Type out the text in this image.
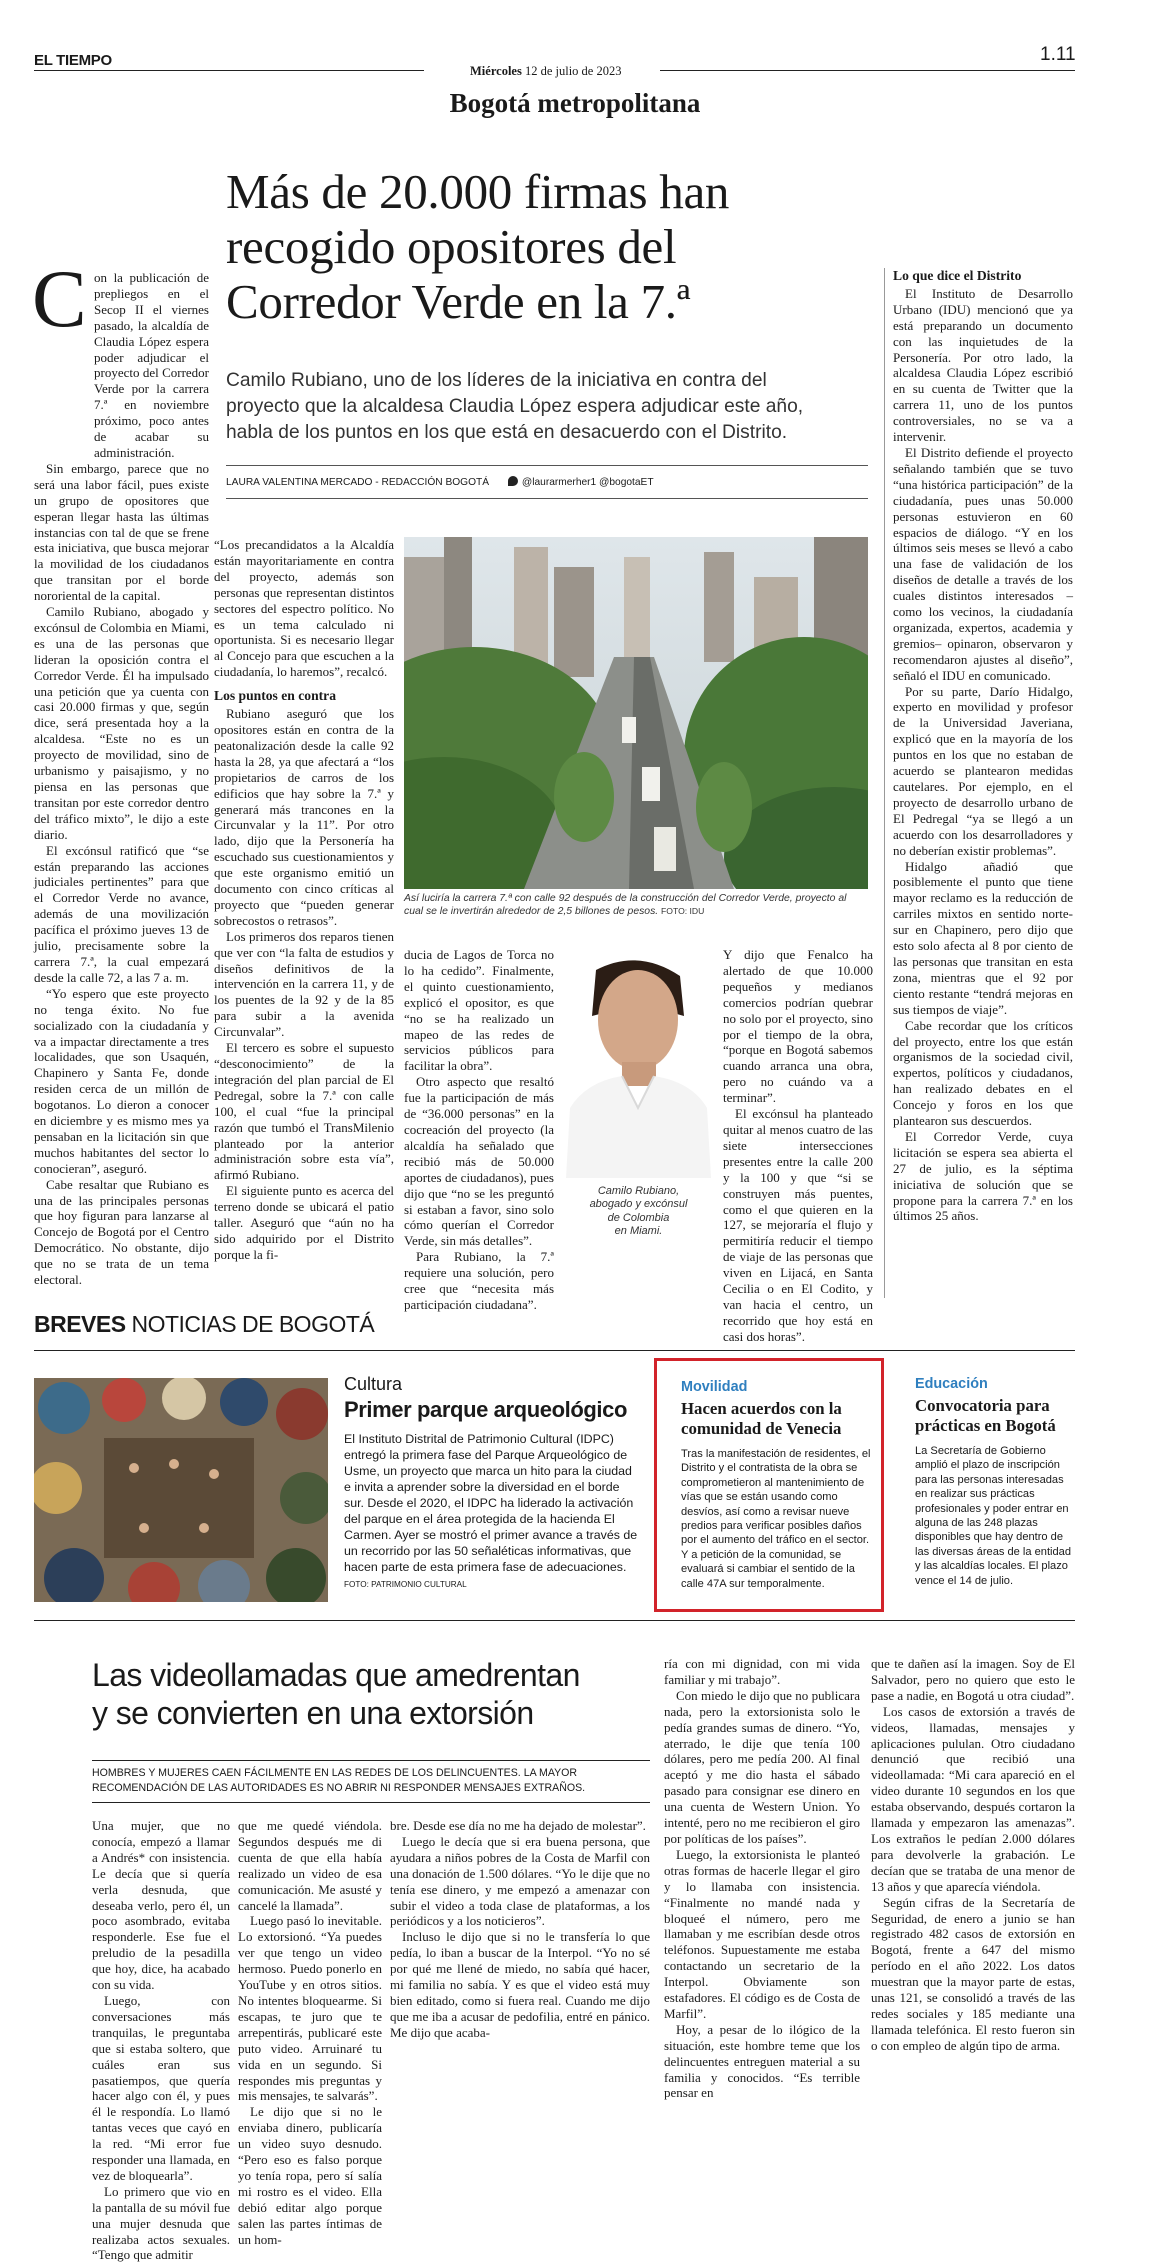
EL TIEMPO
Miércoles 12 de julio de 2023
1.11
Bogotá metropolitana
Más de 20.000 firmas han
recogido opositores del
Corredor Verde en la 7.ª
Camilo Rubiano, uno de los líderes de la iniciativa en contra del
proyecto que la alcaldesa Claudia López espera adjudicar este año,
habla de los puntos en los que está en desacuerdo con el Distrito.
LAURA VALENTINA MERCADO - REDACCIÓN BOGOTÁ	@laurarmerher1 @bogotaET
C on la publicación de prepliegos en el Secop II el viernes pasado, la alcaldía de Claudia López espera poder adjudicar el proyecto del Corredor Verde por la carrera 7.ª en noviembre próximo, poco antes de acabar su administración.

Sin embargo, parece que no será una labor fácil, pues existe un grupo de opositores que esperan llegar hasta las últimas instancias con tal de que se frene esta iniciativa, que busca mejorar la movilidad de los ciudadanos que transitan por el borde nororiental de la capital.

Camilo Rubiano, abogado y excónsul de Colombia en Miami, es una de las personas que lideran la oposición contra el Corredor Verde. Él ha impulsado una petición que ya cuenta con casi 20.000 firmas y que, según dice, será presentada hoy a la alcaldesa. “Este no es un proyecto de movilidad, sino de urbanismo y paisajismo, y no piensa en las personas que transitan por este corredor dentro del tráfico mixto”, le dijo a este diario.

El excónsul ratificó que “se están preparando las acciones judiciales pertinentes” para que el Corredor Verde no avance, además de una movilización pacífica el próximo jueves 13 de julio, precisamente sobre la carrera 7.ª, la cual empezará desde la calle 72, a las 7 a. m.

“Yo espero que este proyecto no tenga éxito. No fue socializado con la ciudadanía y va a impactar directamente a tres localidades, que son Usaquén, Chapinero y Santa Fe, donde residen cerca de un millón de bogotanos. Lo dieron a conocer en diciembre y es mismo mes ya pensaban en la licitación sin que muchos habitantes del sector lo conocieran”, aseguró.

Cabe resaltar que Rubiano es una de las principales personas que hoy figuran para lanzarse al Concejo de Bogotá por el Centro Democrático. No obstante, dijo que no se trata de un tema electoral.

“Los precandidatos a la Alcaldía están mayoritariamente en contra del proyecto, además son personas que representan distintos sectores del espectro político. No es un tema calculado ni oportunista. Si es necesario llegar al Concejo para que escuchen a la ciudadanía, lo haremos”, recalcó.

Los puntos en contra

Rubiano aseguró que los opositores están en contra de la peatonalización desde la calle 92 hasta la 28, ya que afectará a “los propietarios de carros de los edificios que hay sobre la 7.ª y generará más trancones en la Circunvalar y la 11”. Por otro lado, dijo que la Personería ha escuchado sus cuestionamientos y que este organismo emitió un documento con cinco críticas al proyecto que “pueden generar sobrecostos o retrasos”.

Los primeros dos reparos tienen que ver con “la falta de estudios y diseños definitivos de la intervención en la carrera 11, y de los puentes de la 92 y de la 85 para subir a la avenida Circunvalar”.

El tercero es sobre el supuesto “desconocimiento” de la integración del plan parcial de El Pedregal, sobre la 7.ª con calle 100, el cual “fue la principal razón que tumbó el TransMilenio planteado por la anterior administración sobre esta vía”, afirmó Rubiano.

El siguiente punto es acerca del terreno donde se ubicará el patio taller. Aseguró que “aún no ha sido adquirido por el Distrito porque la fi-

Así luciría la carrera 7.ª con calle 92 después de la construcción del Corredor Verde, proyecto al cual se le invertirán alrededor de 2,5 billones de pesos. FOTO: IDU

ducia de Lagos de Torca no lo ha cedido”. Finalmente, el quinto cuestionamiento, explicó el opositor, es que “no se ha realizado un mapeo de las redes de servicios públicos para facilitar la obra”.

Otro aspecto que resaltó fue la participación de más de “36.000 personas” en la cocreación del proyecto (la alcaldía ha señalado que recibió más de 50.000 aportes de ciudadanos), pues dijo que “no se les preguntó si estaban a favor, sino solo cómo querían el Corredor Verde, sin más detalles”.

Para Rubiano, la 7.ª requiere una solución, pero cree que “necesita más participación ciudadana”.

Camilo Rubiano,
abogado y excónsul
de Colombia
en Miami.

Y dijo que Fenalco ha alertado de que 10.000 pequeños y medianos comercios podrían quebrar no solo por el proyecto, sino por el tiempo de la obra, “porque en Bogotá sabemos cuando arranca una obra, pero no cuándo va a terminar”.

El excónsul ha planteado quitar al menos cuatro de las siete intersecciones presentes entre la calle 200 y la 100 y que “si se construyen más puentes, como el que quieren en la 127, se mejoraría el flujo y permitiría reducir el tiempo de viaje de las personas que viven en Lijacá, en Santa Cecilia o en El Codito, y van hacia el centro, un recorrido que hoy está en casi dos horas”.

Lo que dice el Distrito

El Instituto de Desarrollo Urbano (IDU) mencionó que ya está preparando un documento con las inquietudes de la Personería. Por otro lado, la alcaldesa Claudia López escribió en su cuenta de Twitter que la carrera 11, uno de los puntos controversiales, no se va a intervenir.

El Distrito defiende el proyecto señalando también que se tuvo “una histórica participación” de la ciudadanía, pues unas 50.000 personas estuvieron en 60 espacios de diálogo. “Y en los últimos seis meses se llevó a cabo una fase de validación de los diseños de detalle a través de los cuales distintos interesados –como los vecinos, la ciudadanía organizada, expertos, academia y gremios– opinaron, observaron y recomendaron ajustes al diseño”, señaló el IDU en comunicado.

Por su parte, Darío Hidalgo, experto en movilidad y profesor de la Universidad Javeriana, explicó que en la mayoría de los puntos en los que no estaban de acuerdo se plantearon medidas cautelares. Por ejemplo, en el proyecto de desarrollo urbano de El Pedregal “ya se llegó a un acuerdo con los desarrolladores y no deberían existir problemas”.

Hidalgo añadió que posiblemente el punto que tiene mayor reclamo es la reducción de carriles mixtos en sentido norte-sur en Chapinero, pero dijo que esto solo afecta al 8 por ciento de las personas que transitan en esta zona, mientras que el 92 por ciento restante “tendrá mejoras en sus tiempos de viaje”.

Cabe recordar que los críticos del proyecto, entre los que están organismos de la sociedad civil, expertos, políticos y ciudadanos, han realizado debates en el Concejo y foros en los que plantearon sus descuerdos.

El Corredor Verde, cuya licitación se espera sea abierta el 27 de julio, es la séptima iniciativa de solución que se propone para la carrera 7.ª en los últimos 25 años.

BREVES NOTICIAS DE BOGOTÁ
Cultura
Primer parque arqueológico
El Instituto Distrital de Patrimonio Cultural (IDPC) entregó la primera fase del Parque Arqueológico de Usme, un proyecto que marca un hito para la ciudad e invita a aprender sobre la diversidad en el borde sur. Desde el 2020, el IDPC ha liderado la activación del parque en el área protegida de la hacienda El Carmen. Ayer se mostró el primer avance a través de un recorrido por las 50 señaléticas informativas, que hacen parte de esta primera fase de adecuaciones. FOTO: PATRIMONIO CULTURAL
Movilidad
Hacen acuerdos con la comunidad de Venecia
Tras la manifestación de residentes, el Distrito y el contratista de la obra se comprometieron al mantenimiento de vías que se están usando como desvíos, así como a revisar nueve predios para verificar posibles daños por el aumento del tráfico en el sector. Y a petición de la comunidad, se evaluará si cambiar el sentido de la calle 47A sur temporalmente.
Educación
Convocatoria para prácticas en Bogotá
La Secretaría de Gobierno amplió el plazo de inscripción para las personas interesadas en realizar sus prácticas profesionales y poder entrar en alguna de las 248 plazas disponibles que hay dentro de las diversas áreas de la entidad y las alcaldías locales. El plazo vence el 14 de julio.
Las videollamadas que amedrentan
y se convierten en una extorsión
HOMBRES Y MUJERES CAEN FÁCILMENTE EN LAS REDES DE LOS DELINCUENTES. LA MAYOR RECOMENDACIÓN DE LAS AUTORIDADES ES NO ABRIR NI RESPONDER MENSAJES EXTRAÑOS.

Una mujer, que no conocía, empezó a llamar a Andrés* con insistencia. Le decía que si quería verla desnuda, que deseaba verlo, pero él, un poco asombrado, evitaba responderle. Ese fue el preludio de la pesadilla que hoy, dice, ha acabado con su vida.

Luego, con conversaciones más tranquilas, le preguntaba que si estaba soltero, que cuáles eran sus pasatiempos, que quería hacer algo con él, y pues él le respondía. Lo llamó tantas veces que cayó en la red. “Mi error fue responder una llamada, en vez de bloquearla”.

Lo primero que vio en la pantalla de su móvil fue una mujer desnuda que realizaba actos sexuales. “Tengo que admitir

que me quedé viéndola. Segundos después me di cuenta de que ella había realizado un video de esa comunicación. Me asusté y cancelé la llamada”.

Luego pasó lo inevitable. Lo extorsionó. “Ya puedes ver que tengo un video hermoso. Puedo ponerlo en YouTube y en otros sitios. No intentes bloquearme. Si escapas, te juro que te arrepentirás, publicaré este puto video. Arruinaré tu vida en un segundo. Si respondes mis preguntas y mis mensajes, te salvarás”.

Le dijo que si no le enviaba dinero, publicaría un video suyo desnudo. “Pero eso es falso porque yo tenía ropa, pero sí salía mi rostro es el video. Ella debió editar algo porque salen las partes íntimas de un hom-

bre. Desde ese día no me ha dejado de molestar”.

Luego le decía que si era buena persona, que ayudara a niños pobres de la Costa de Marfil con una donación de 1.500 dólares. “Yo le dije que no tenía ese dinero, y me empezó a amenazar con subir el video a toda clase de plataformas, a los periódicos y a los noticieros”.

Incluso le dijo que si no le transfería lo que pedía, lo iban a buscar de la Interpol. “Yo no sé por qué me llené de miedo, no sabía qué hacer, mi familia no sabía. Y es que el video está muy bien editado, como si fuera real. Cuando me dijo que me iba a acusar de pedofilia, entré en pánico. Me dijo que acaba-

ría con mi dignidad, con mi vida familiar y mi trabajo”.

Con miedo le dijo que no publicara nada, pero la extorsionista solo le pedía grandes sumas de dinero. “Yo, aterrado, le dije que tenía 100 dólares, pero me pedía 200. Al final aceptó y me dio hasta el sábado pasado para consignar ese dinero en una cuenta de Western Union. Yo intenté, pero no me recibieron el giro por políticas de los países”.

Luego, la extorsionista le planteó otras formas de hacerle llegar el giro y lo llamaba con insistencia. “Finalmente no mandé nada y bloqueé el número, pero me llamaban y me escribían desde otros teléfonos. Supuestamente me estaba contactando un secretario de la Interpol. Obviamente son estafadores. El código es de Costa de Marfil”.

Hoy, a pesar de lo ilógico de la situación, este hombre teme que los delincuentes entreguen material a su familia y conocidos. “Es terrible pensar en

que te dañen así la imagen. Soy de El Salvador, pero no quiero que esto le pase a nadie, en Bogotá u otra ciudad”.

Los casos de extorsión a través de videos, llamadas, mensajes y aplicaciones pululan. Otro ciudadano denunció que recibió una videollamada: “Mi cara apareció en el video durante 10 segundos en los que estaba observando, después cortaron la llamada y empezaron las amenazas”. Los extraños le pedían 2.000 dólares para devolverle la grabación. Le decían que se trataba de una menor de 13 años y que aparecía viéndola.

Según cifras de la Secretaría de Seguridad, de enero a junio se han registrado 482 casos de extorsión en Bogotá, frente a 647 del mismo período en el año 2022. Los datos muestran que la mayor parte de estas, unas 121, se consolidó a través de las redes sociales y 185 mediante una llamada telefónica. El resto fueron sin o con empleo de algún tipo de arma.
